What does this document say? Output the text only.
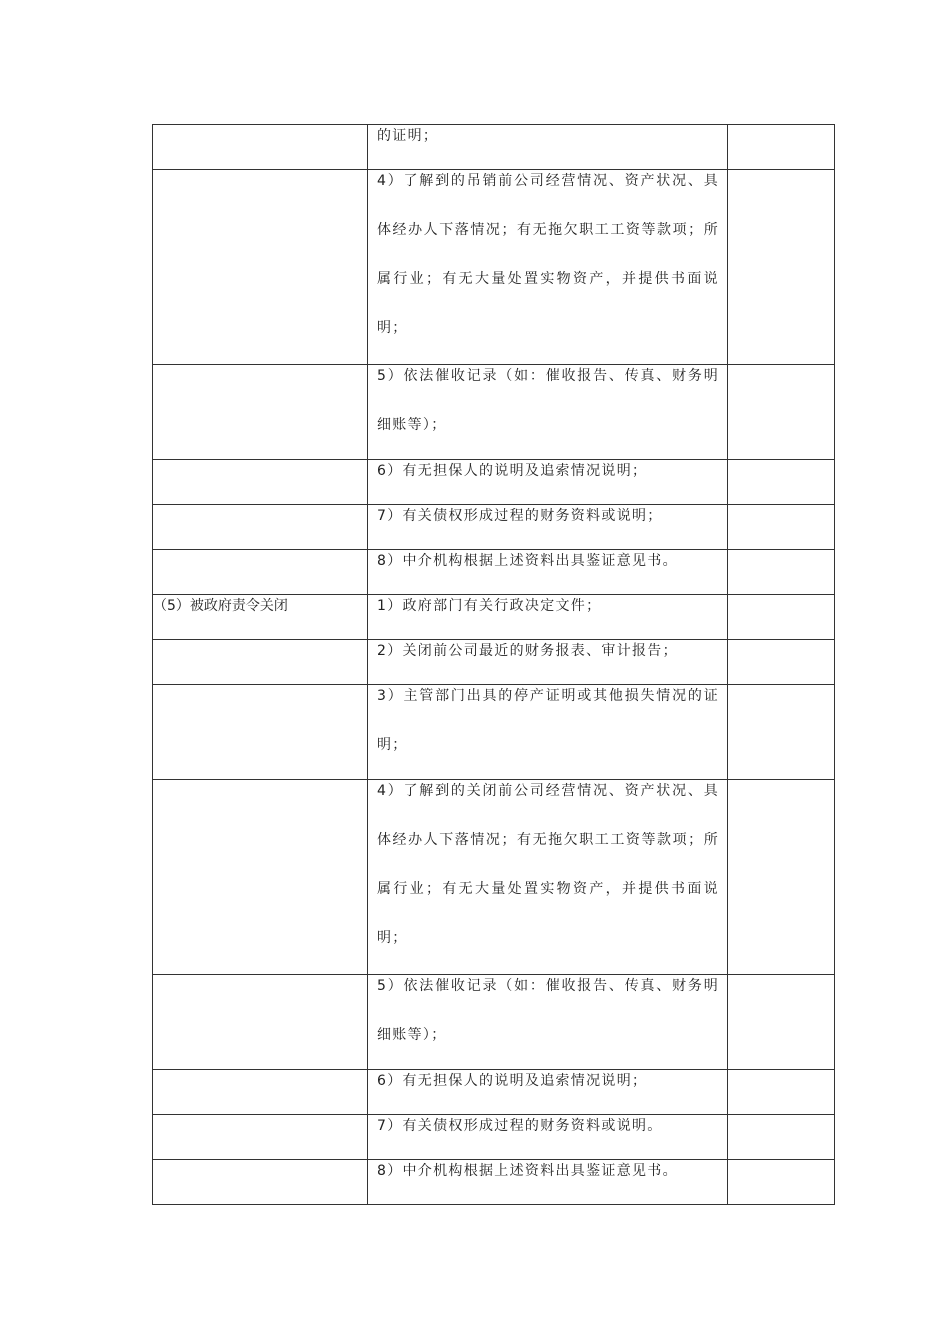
	的证明；	

	4）了解到的吊销前公司经营情况、资产状况、具体经办人下落情况；有无拖欠职工工资等款项；所属行业；有无大量处置实物资产，并提供书面说明；	

	5）依法催收记录（如：催收报告、传真、财务明细账等）；	

	6）有无担保人的说明及追索情况说明；	

	7）有关债权形成过程的财务资料或说明；	

	8）中介机构根据上述资料出具鉴证意见书。	

（5）被政府责令关闭	1）政府部门有关行政决定文件；	

	2）关闭前公司最近的财务报表、审计报告；	

	3）主管部门出具的停产证明或其他损失情况的证明；	

	4）了解到的关闭前公司经营情况、资产状况、具体经办人下落情况；有无拖欠职工工资等款项；所属行业；有无大量处置实物资产，并提供书面说明；	

	5）依法催收记录（如：催收报告、传真、财务明细账等）；	

	6）有无担保人的说明及追索情况说明；	

	7）有关债权形成过程的财务资料或说明。	

	8）中介机构根据上述资料出具鉴证意见书。	
